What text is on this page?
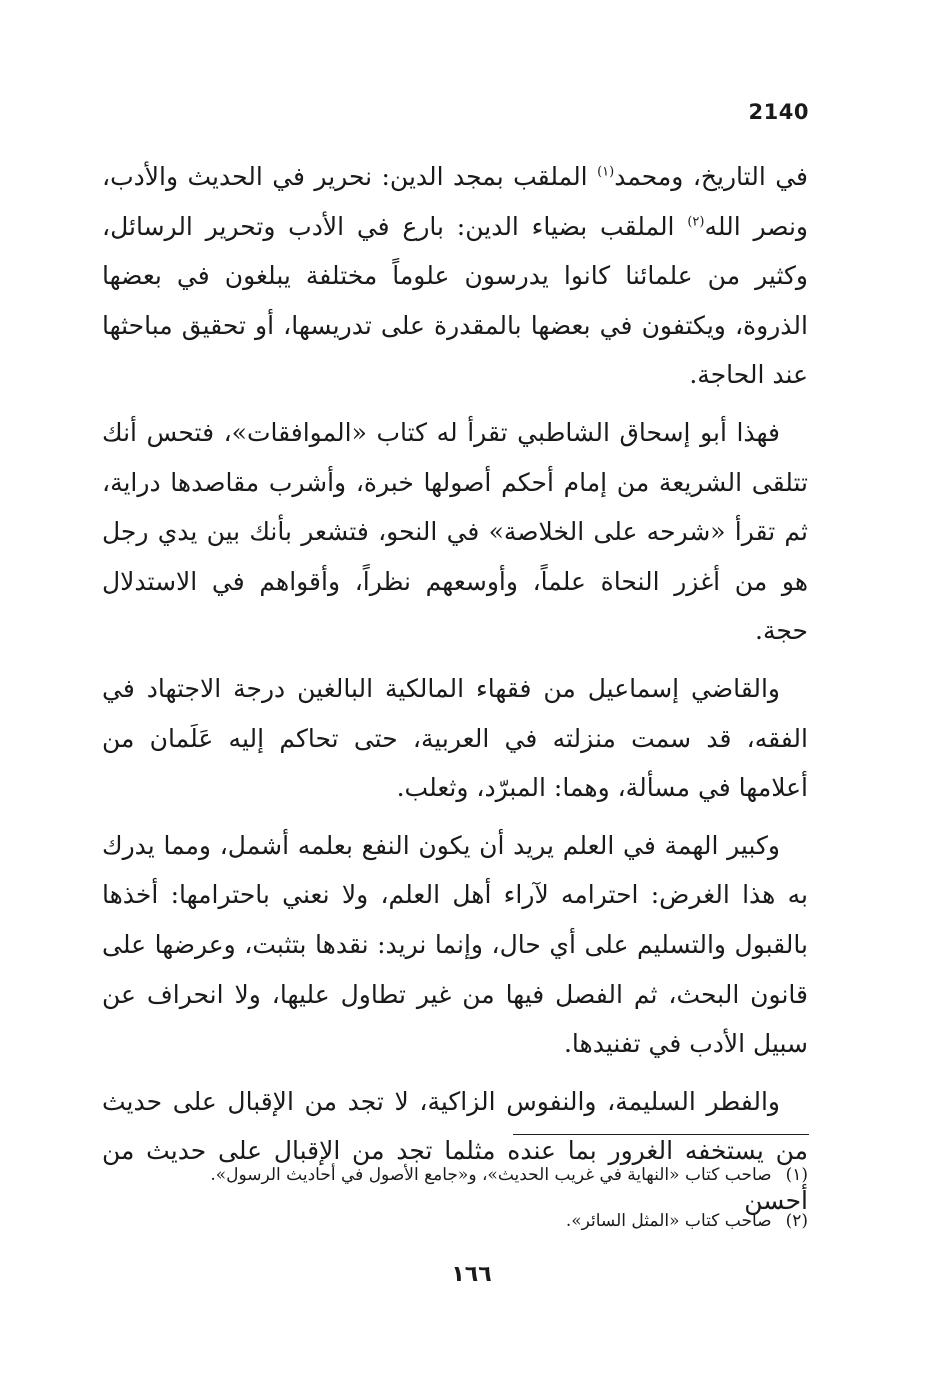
2140

في التاريخ، ومحمد$^{(١)}$ الملقب بمجد الدين: نحرير في الحديث والأدب، ونصر الله$^{(٢)}$ الملقب بضياء الدين: بارع في الأدب وتحرير الرسائل، وكثير من علمائنا كانوا يدرسون علوماً مختلفة يبلغون في بعضها الذروة، ويكتفون في بعضها بالمقدرة على تدريسها، أو تحقيق مباحثها عند الحاجة.

فهذا أبو إسحاق الشاطبي تقرأ له كتاب «الموافقات»، فتحس أنك تتلقى الشريعة من إمام أحكم أصولها خبرة، وأشرب مقاصدها دراية، ثم تقرأ «شرحه على الخلاصة» في النحو، فتشعر بأنك بين يدي رجل هو من أغزر النحاة علماً، وأوسعهم نظراً، وأقواهم في الاستدلال حجة.

والقاضي إسماعيل من فقهاء المالكية البالغين درجة الاجتهاد في الفقه، قد سمت منزلته في العربية، حتى تحاكم إليه عَلَمان من أعلامها في مسألة، وهما: المبرّد، وثعلب.

وكبير الهمة في العلم يريد أن يكون النفع بعلمه أشمل، ومما يدرك به هذا الغرض: احترامه لآراء أهل العلم، ولا نعني باحترامها: أخذها بالقبول والتسليم على أي حال، وإنما نريد: نقدها بتثبت، وعرضها على قانون البحث، ثم الفصل فيها من غير تطاول عليها، ولا انحراف عن سبيل الأدب في تفنيدها.

والفطر السليمة، والنفوس الزاكية، لا تجد من الإقبال على حديث من يستخفه الغرور بما عنده مثلما تجد من الإقبال على حديث من أحسن

(١)صاحب كتاب «النهاية في غريب الحديث»، و«جامع الأصول في أحاديث الرسول».
(٢)صاحب كتاب «المثل السائر».
١٦٦
